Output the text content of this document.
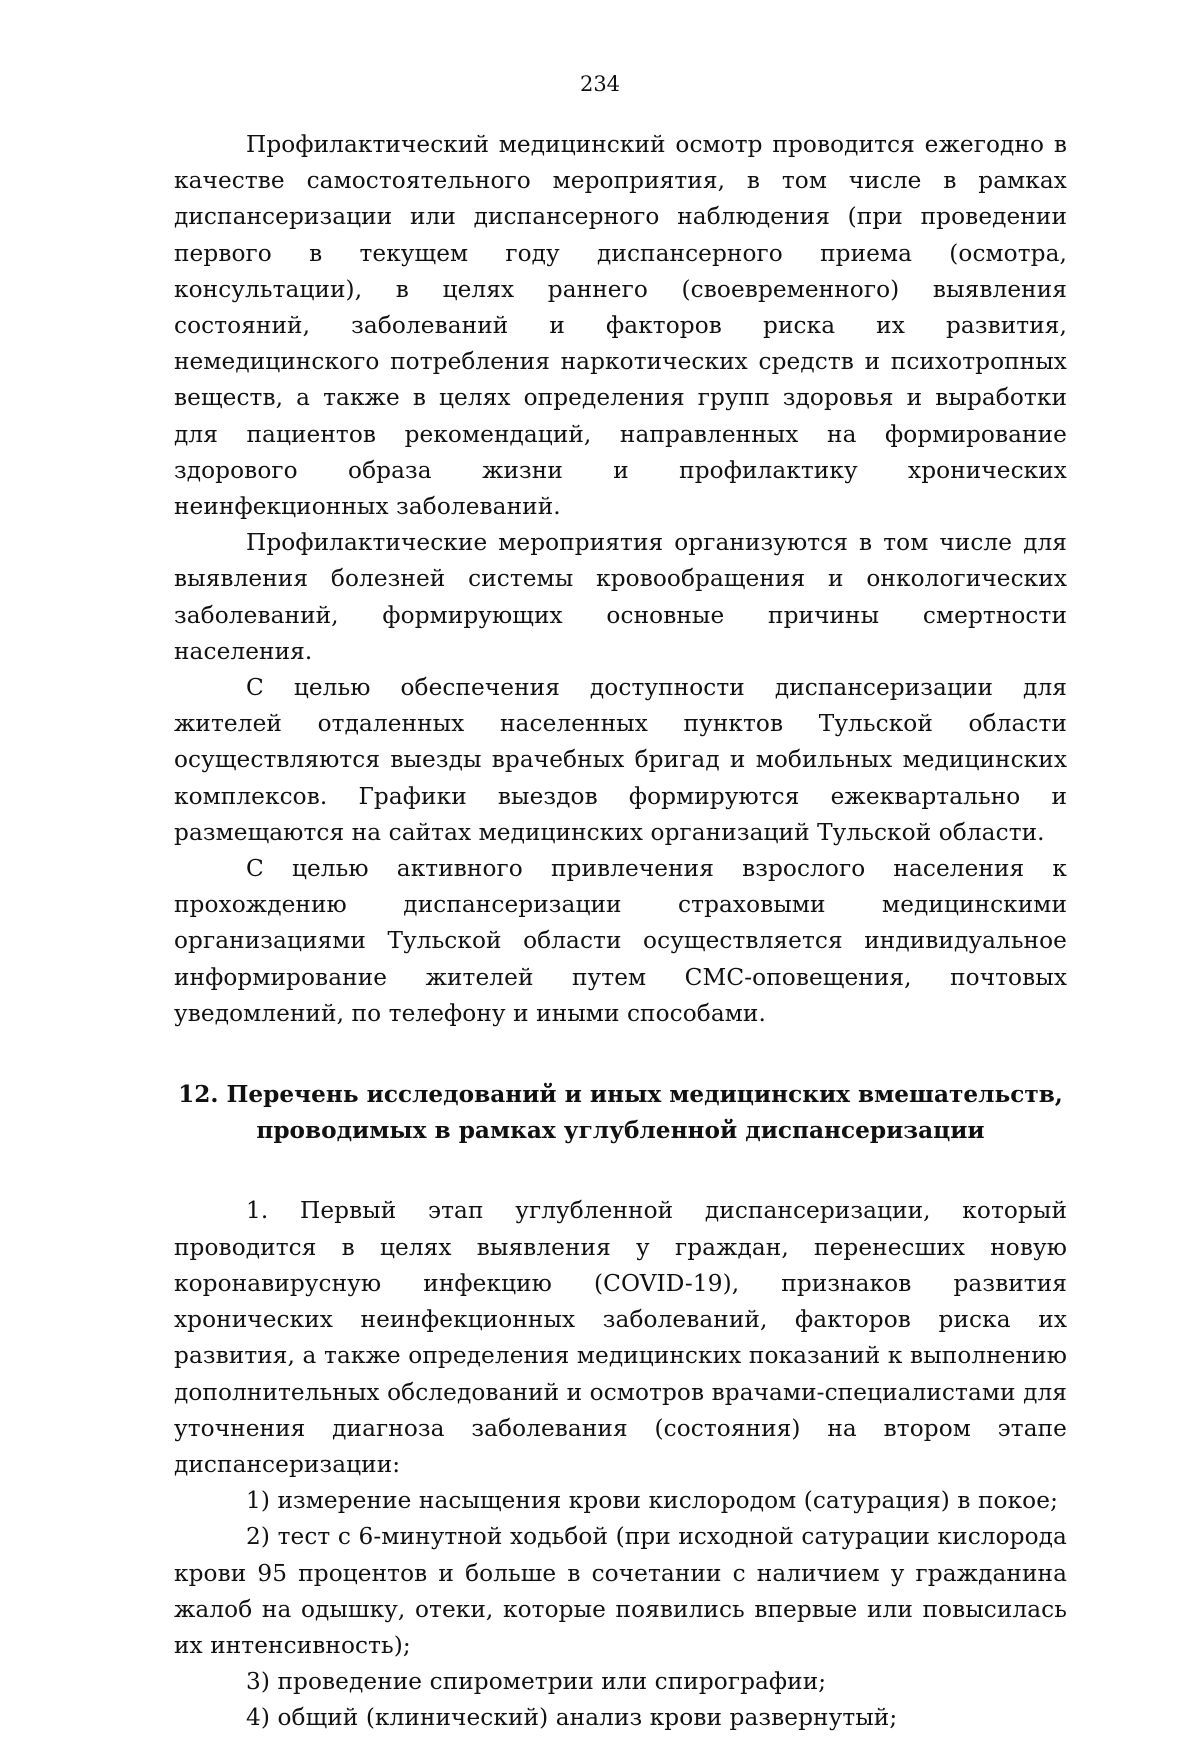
234

Профилактический медицинский осмотр проводится ежегодно в качестве самостоятельного мероприятия, в том числе в рамках диспансеризации или диспансерного наблюдения (при проведении первого в текущем году диспансерного приема (осмотра, консультации), в целях раннего (своевременного) выявления состояний, заболеваний и факторов риска их развития, немедицинского потребления наркотических средств и психотропных веществ, а также в целях определения групп здоровья и выработки для пациентов рекомендаций, направленных на формирование здорового образа жизни и профилактику хронических неинфекционных заболеваний.

Профилактические мероприятия организуются в том числе для выявления болезней системы кровообращения и онкологических заболеваний, формирующих основные причины смертности населения.

С целью обеспечения доступности диспансеризации для жителей отдаленных населенных пунктов Тульской области осуществляются выезды врачебных бригад и мобильных медицинских комплексов. Графики выездов формируются ежеквартально и размещаются на сайтах медицинских организаций Тульской области.

С целью активного привлечения взрослого населения к прохождению диспансеризации страховыми медицинскими организациями Тульской области осуществляется индивидуальное информирование жителей путем СМС-оповещения, почтовых уведомлений, по телефону и иными способами.

12. Перечень исследований и иных медицинских вмешательств,
проводимых в рамках углубленной диспансеризации

1. Первый этап углубленной диспансеризации, который проводится в целях выявления у граждан, перенесших новую коронавирусную инфекцию (COVID-19), признаков развития хронических неинфекционных заболеваний, факторов риска их развития, а также определения медицинских показаний к выполнению дополнительных обследований и осмотров врачами-специалистами для уточнения диагноза заболевания (состояния) на втором этапе диспансеризации:

1) измерение насыщения крови кислородом (сатурация) в покое;

2) тест с 6-минутной ходьбой (при исходной сатурации кислорода крови 95 процентов и больше в сочетании с наличием у гражданина жалоб на одышку, отеки, которые появились впервые или повысилась их интенсивность);

3) проведение спирометрии или спирографии;

4) общий (клинический) анализ крови развернутый;
